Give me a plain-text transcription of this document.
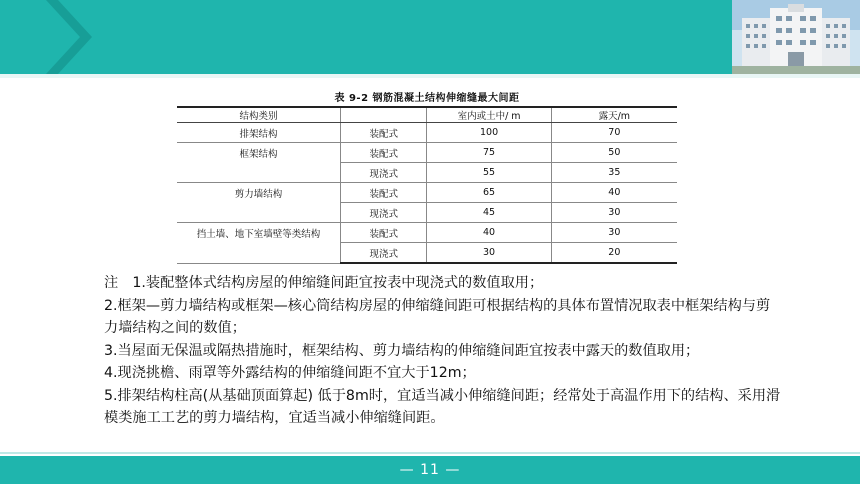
表 9-2 钢筋混凝土结构伸缩缝最大间距
结构类别		室内或土中/ m	露天/m
排架结构	装配式	100	70
框架结构	装配式	75	50
	现浇式	55	35
剪力墙结构	装配式	65	40
	现浇式	45	30
挡土墙、地下室墙壁等类结构	装配式	40	30
	现浇式	30	20

注　1.装配整体式结构房屋的伸缩缝间距宜按表中现浇式的数值取用；

2.框架—剪力墙结构或框架—核心筒结构房屋的伸缩缝间距可根据结构的具体布置情况取表中框架结构与剪力墙结构之间的数值；

3.当屋面无保温或隔热措施时，框架结构、剪力墙结构的伸缩缝间距宜按表中露天的数值取用；

4.现浇挑檐、雨罩等外露结构的伸缩缝间距不宜大于12m；

5.排架结构柱高(从基础顶面算起) 低于8m时，宜适当减小伸缩缝间距；经常处于高温作用下的结构、采用滑模类施工工艺的剪力墙结构，宜适当减小伸缩缝间距。

— 11 —
